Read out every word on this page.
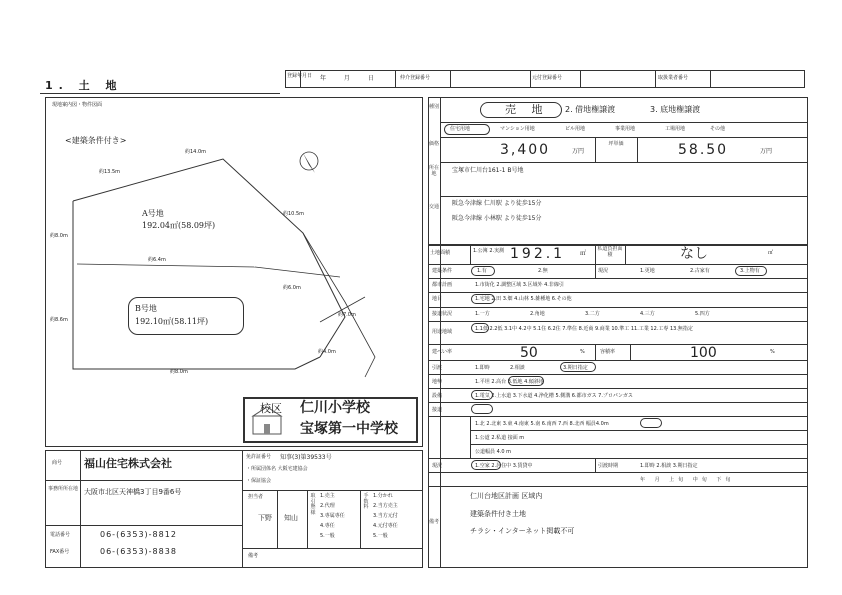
1. 土 地
登録年月日 年 月 日	仲介登録番号	元付登録番号	取扱業者番号
現地案内図・物件図面
<建築条件付き>
約14.0m
約13.5m
約8.0m
約10.5m
約6.4m
約6.0m
約8.6m
約8.0m
約7.0m
約4.0m
A号地
192.04㎡(58.09坪)
B号地
192.10㎡(58.11坪)
校区 仁川小学校
宝塚第一中学校
商号 福山住宅株式会社
事務所所在地 大阪市北区天神橋3丁目9番6号
電話番号	06-(6353)-8812
FAX番号	06-(6353)-8838
免許証番号 知事(3)第39533号
・所属団体名 大阪宅建協会
・保証協会
担当者
下野 知山
取引態様
1.売主
2.代理
3.専属専任
4.専任
5.一般
手数料
1.分かれ
2.当方売主
3.当方元付
4.元付専任
5.一般
備考
種別	売 地 2. 借地権譲渡	3. 底地権譲渡
住宅用地	マンション用地	ビル用地	事業用地	工場用地	その他
価格	3,400	万円
坪単価	58.50	万円
所在地	宝塚市仁川台161-1 B号地
交通 阪急今津線 仁川駅 より徒歩15分
阪急今津線 小林駅 より徒歩15分
土地面積	1.公簿 2.実測 192.1 ㎡
私道負担面積	なし	㎡
建築条件	1.有	2.無	現況	1.更地	2.古家有	3.上物有
都市計画	1.市街化 2.調整区域 3.区域外 4.非線引
地目	1.宅地 2.田 3.畑 4.山林 5.雑種地 6.その他
接道状況	1.一方	2.角地	3.二方	4.三方	5.四方
用途地域	1.1低 2.2低 3.1中 4.2中 5.1住 6.2住 7.準住 8.近商 9.商業 10.準工 11.工業 12.工専 13.無指定
建ぺい率	50	%	容積率	100	%
引渡	1.即時	2.相談	3.期日指定
地勢	1.平坦 2.高台 3.低地 4.傾斜地
設備	1.電気 2.上水道 3.下水道 4.浄化槽 5.側溝 6.都市ガス 7.プロパンガス
接道
1.北 2.北東 3.東 4.南東 5.南 6.南西 7.西 8.北西 幅員4.0m
1.公道 2.私道 接面 m
公道幅員 4.0 m
現況	1.空家 2.居住中 3.賃貸中	引渡時期	1.即時 2.相談 3.期日指定
年 月 上旬 中旬 下旬
備考
仁川台地区計画 区域内
建築条件付き土地
チラシ・インターネット掲載不可
